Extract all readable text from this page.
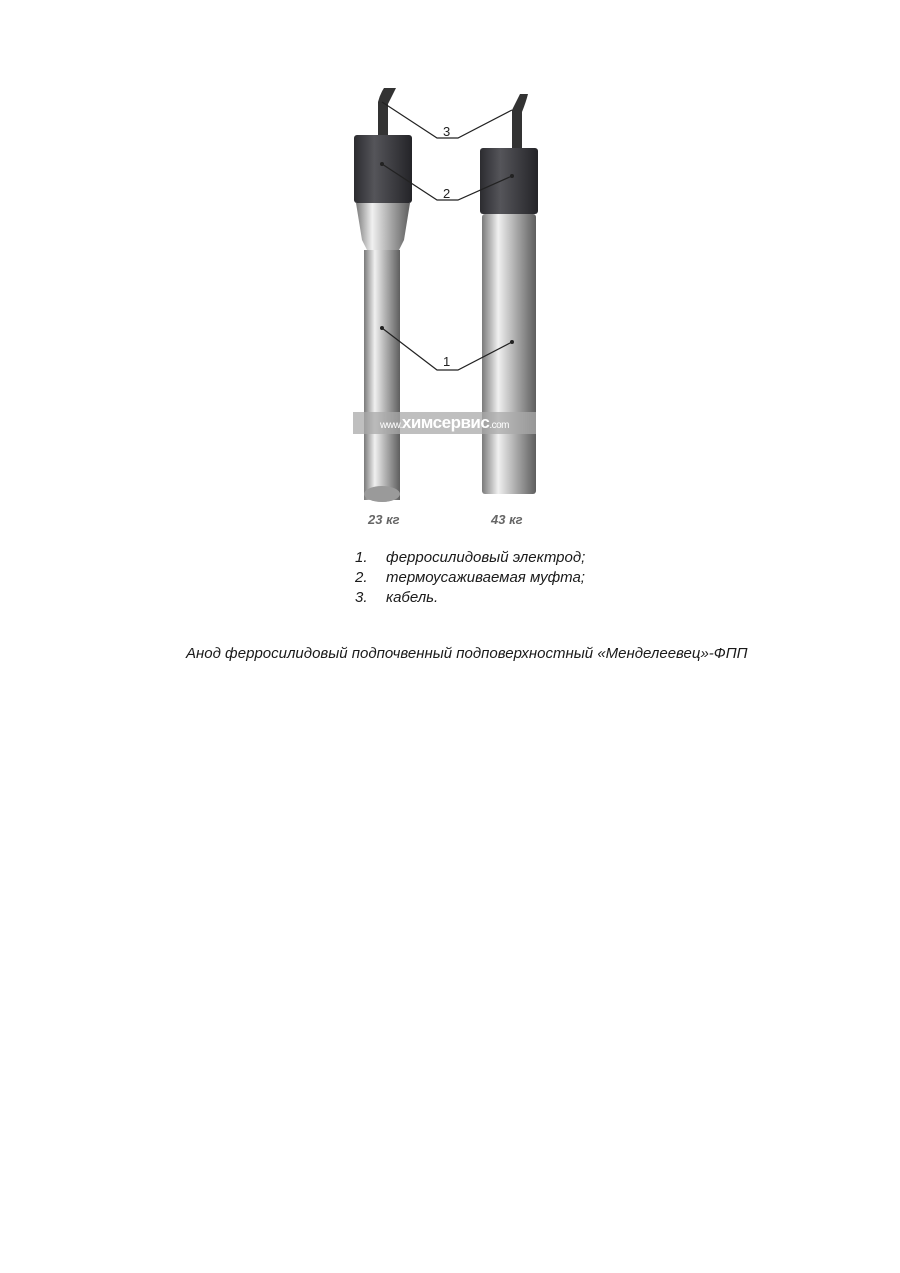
3
2
1
www.химсервис.com
23 кг	43 кг
1.	ферросилидовый электрод;
2.	термоусаживаемая муфта;
3.	кабель.
Анод ферросилидовый подпочвенный подповерхностный «Менделеевец»-ФПП
